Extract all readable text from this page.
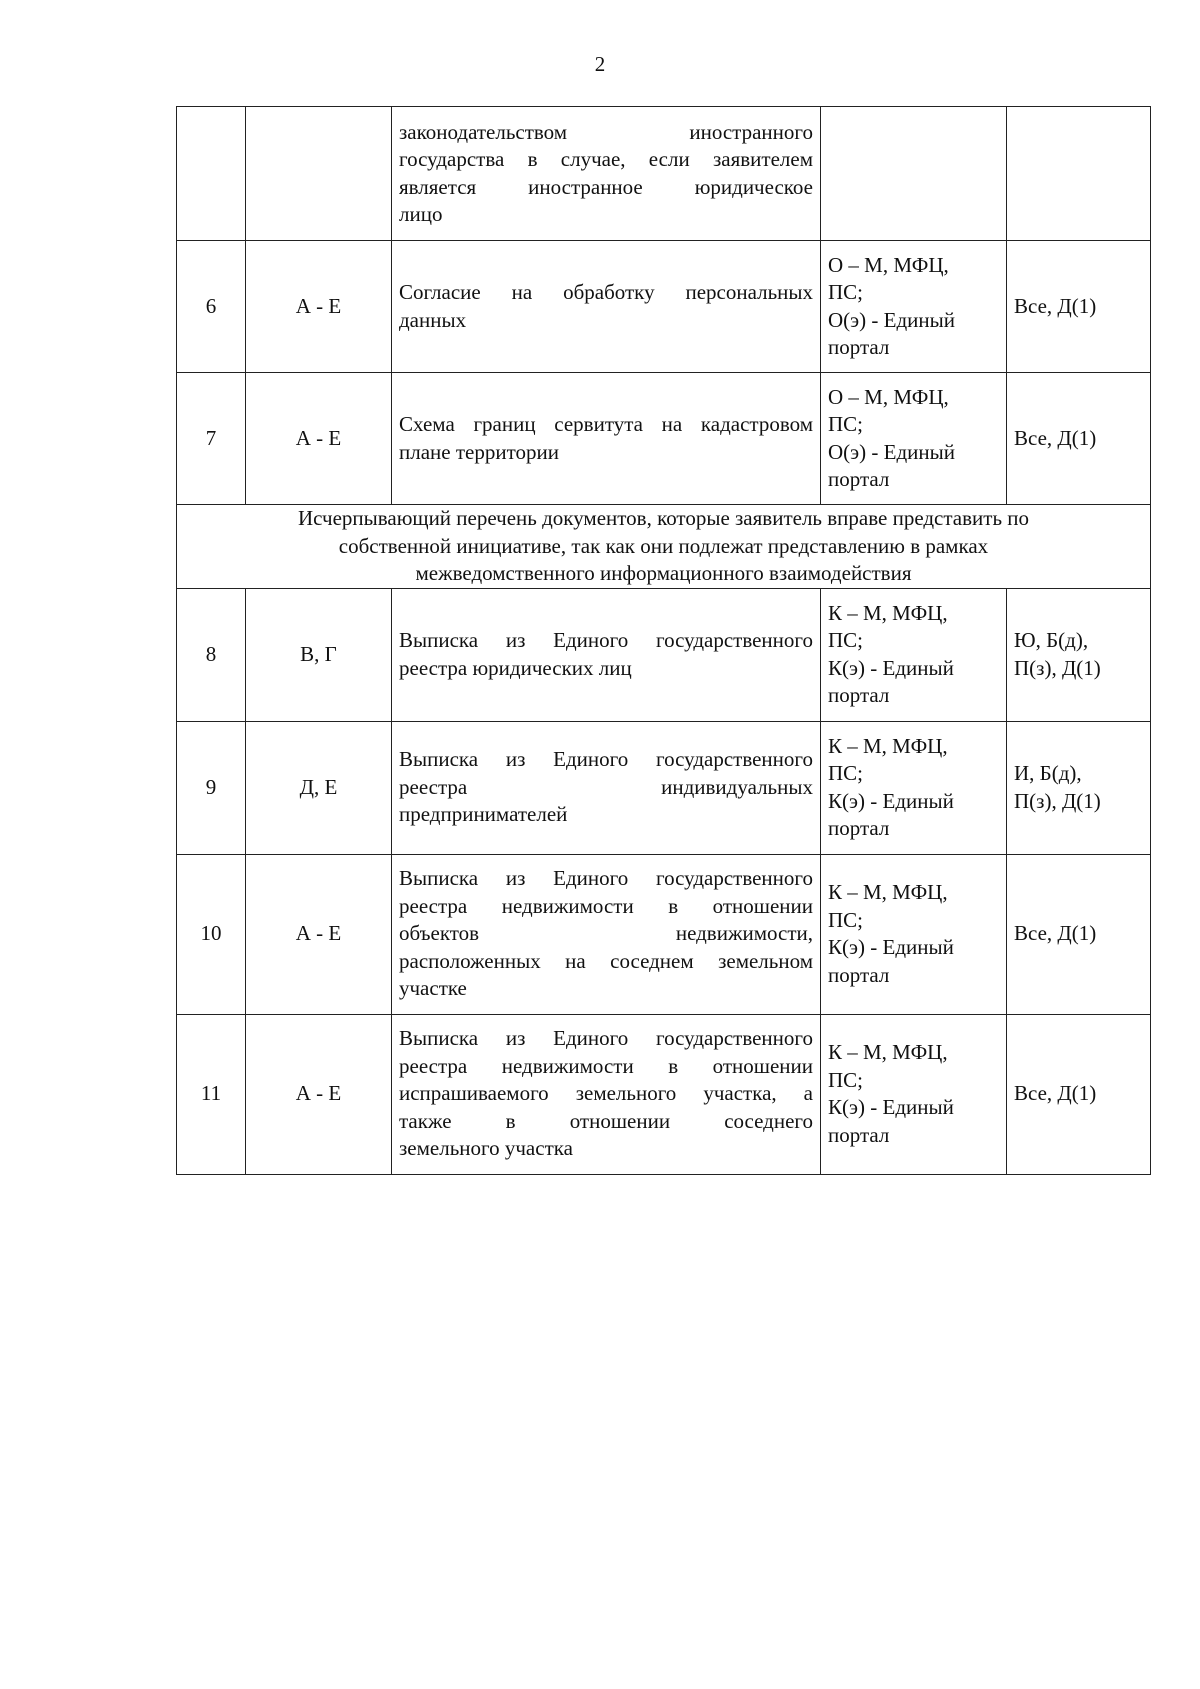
2

		законодательством иностранного
государства в случае, если заявителем
является иностранное юридическое
лицо		

6	А - Е	Согласие на обработку персональных
данных	О – М, МФЦ,
ПС;
О(э) - Единый
портал	Все, Д(1)

7	А - Е	Схема границ сервитута на кадастровом
плане территории	О – М, МФЦ,
ПС;
О(э) - Единый
портал	Все, Д(1)

Исчерпывающий перечень документов, которые заявитель вправе представить по
собственной инициативе, так как они подлежат представлению в рамках
межведомственного информационного взаимодействия				

8	В, Г	Выписка из Единого государственного
реестра юридических лиц	К – М, МФЦ,
ПС;
К(э) - Единый
портал	Ю, Б(д),
П(з), Д(1)

9	Д, Е	Выписка из Единого государственного
реестра индивидуальных
предпринимателей	К – М, МФЦ,
ПС;
К(э) - Единый
портал	И, Б(д),
П(з), Д(1)

10	А - Е	Выписка из Единого государственного
реестра недвижимости в отношении
объектов недвижимости,
расположенных на соседнем земельном
участке	К – М, МФЦ,
ПС;
К(э) - Единый
портал	Все, Д(1)

11	А - Е	Выписка из Единого государственного
реестра недвижимости в отношении
испрашиваемого земельного участка, а
также в отношении соседнего
земельного участка	К – М, МФЦ,
ПС;
К(э) - Единый
портал	Все, Д(1)
